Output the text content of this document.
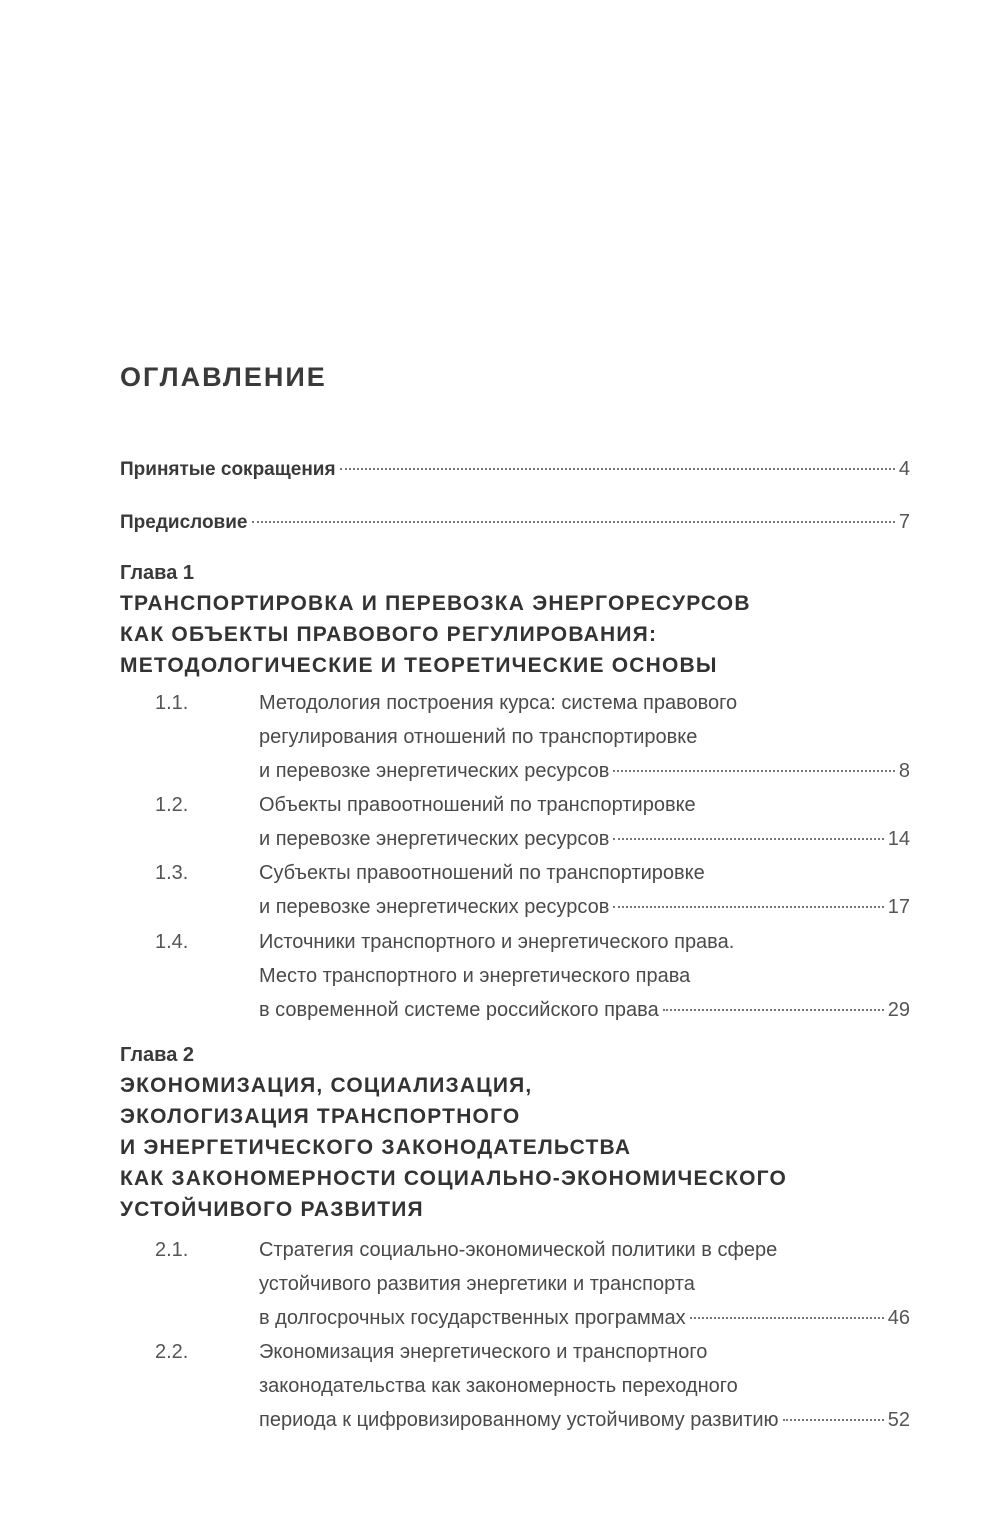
ОГЛАВЛЕНИЕ
Принятые сокращения	4
Предисловие	7
Глава 1
ТРАНСПОРТИРОВКА И ПЕРЕВОЗКА ЭНЕРГОРЕСУРСОВ
КАК ОБЪЕКТЫ ПРАВОВОГО РЕГУЛИРОВАНИЯ:
МЕТОДОЛОГИЧЕСКИЕ И ТЕОРЕТИЧЕСКИЕ ОСНОВЫ
1.1.	Методология построения курса: система правового
регулирования отношений по транспортировке
и перевозке энергетических ресурсов	8
1.2.	Объекты правоотношений по транспортировке
и перевозке энергетических ресурсов	14
1.3.	Субъекты правоотношений по транспортировке
и перевозке энергетических ресурсов	17
1.4.	Источники транспортного и энергетического права.
Место транспортного и энергетического права
в современной системе российского права	29
Глава 2
ЭКОНОМИЗАЦИЯ, СОЦИАЛИЗАЦИЯ,
ЭКОЛОГИЗАЦИЯ ТРАНСПОРТНОГО
И ЭНЕРГЕТИЧЕСКОГО ЗАКОНОДАТЕЛЬСТВА
КАК ЗАКОНОМЕРНОСТИ СОЦИАЛЬНО-ЭКОНОМИЧЕСКОГО
УСТОЙЧИВОГО РАЗВИТИЯ
2.1.	Стратегия социально-экономической политики в сфере
устойчивого развития энергетики и транспорта
в долгосрочных государственных программах	46
2.2.	Экономизация энергетического и транспортного
законодательства как закономерность переходного
периода к цифровизированному устойчивому развитию	52
